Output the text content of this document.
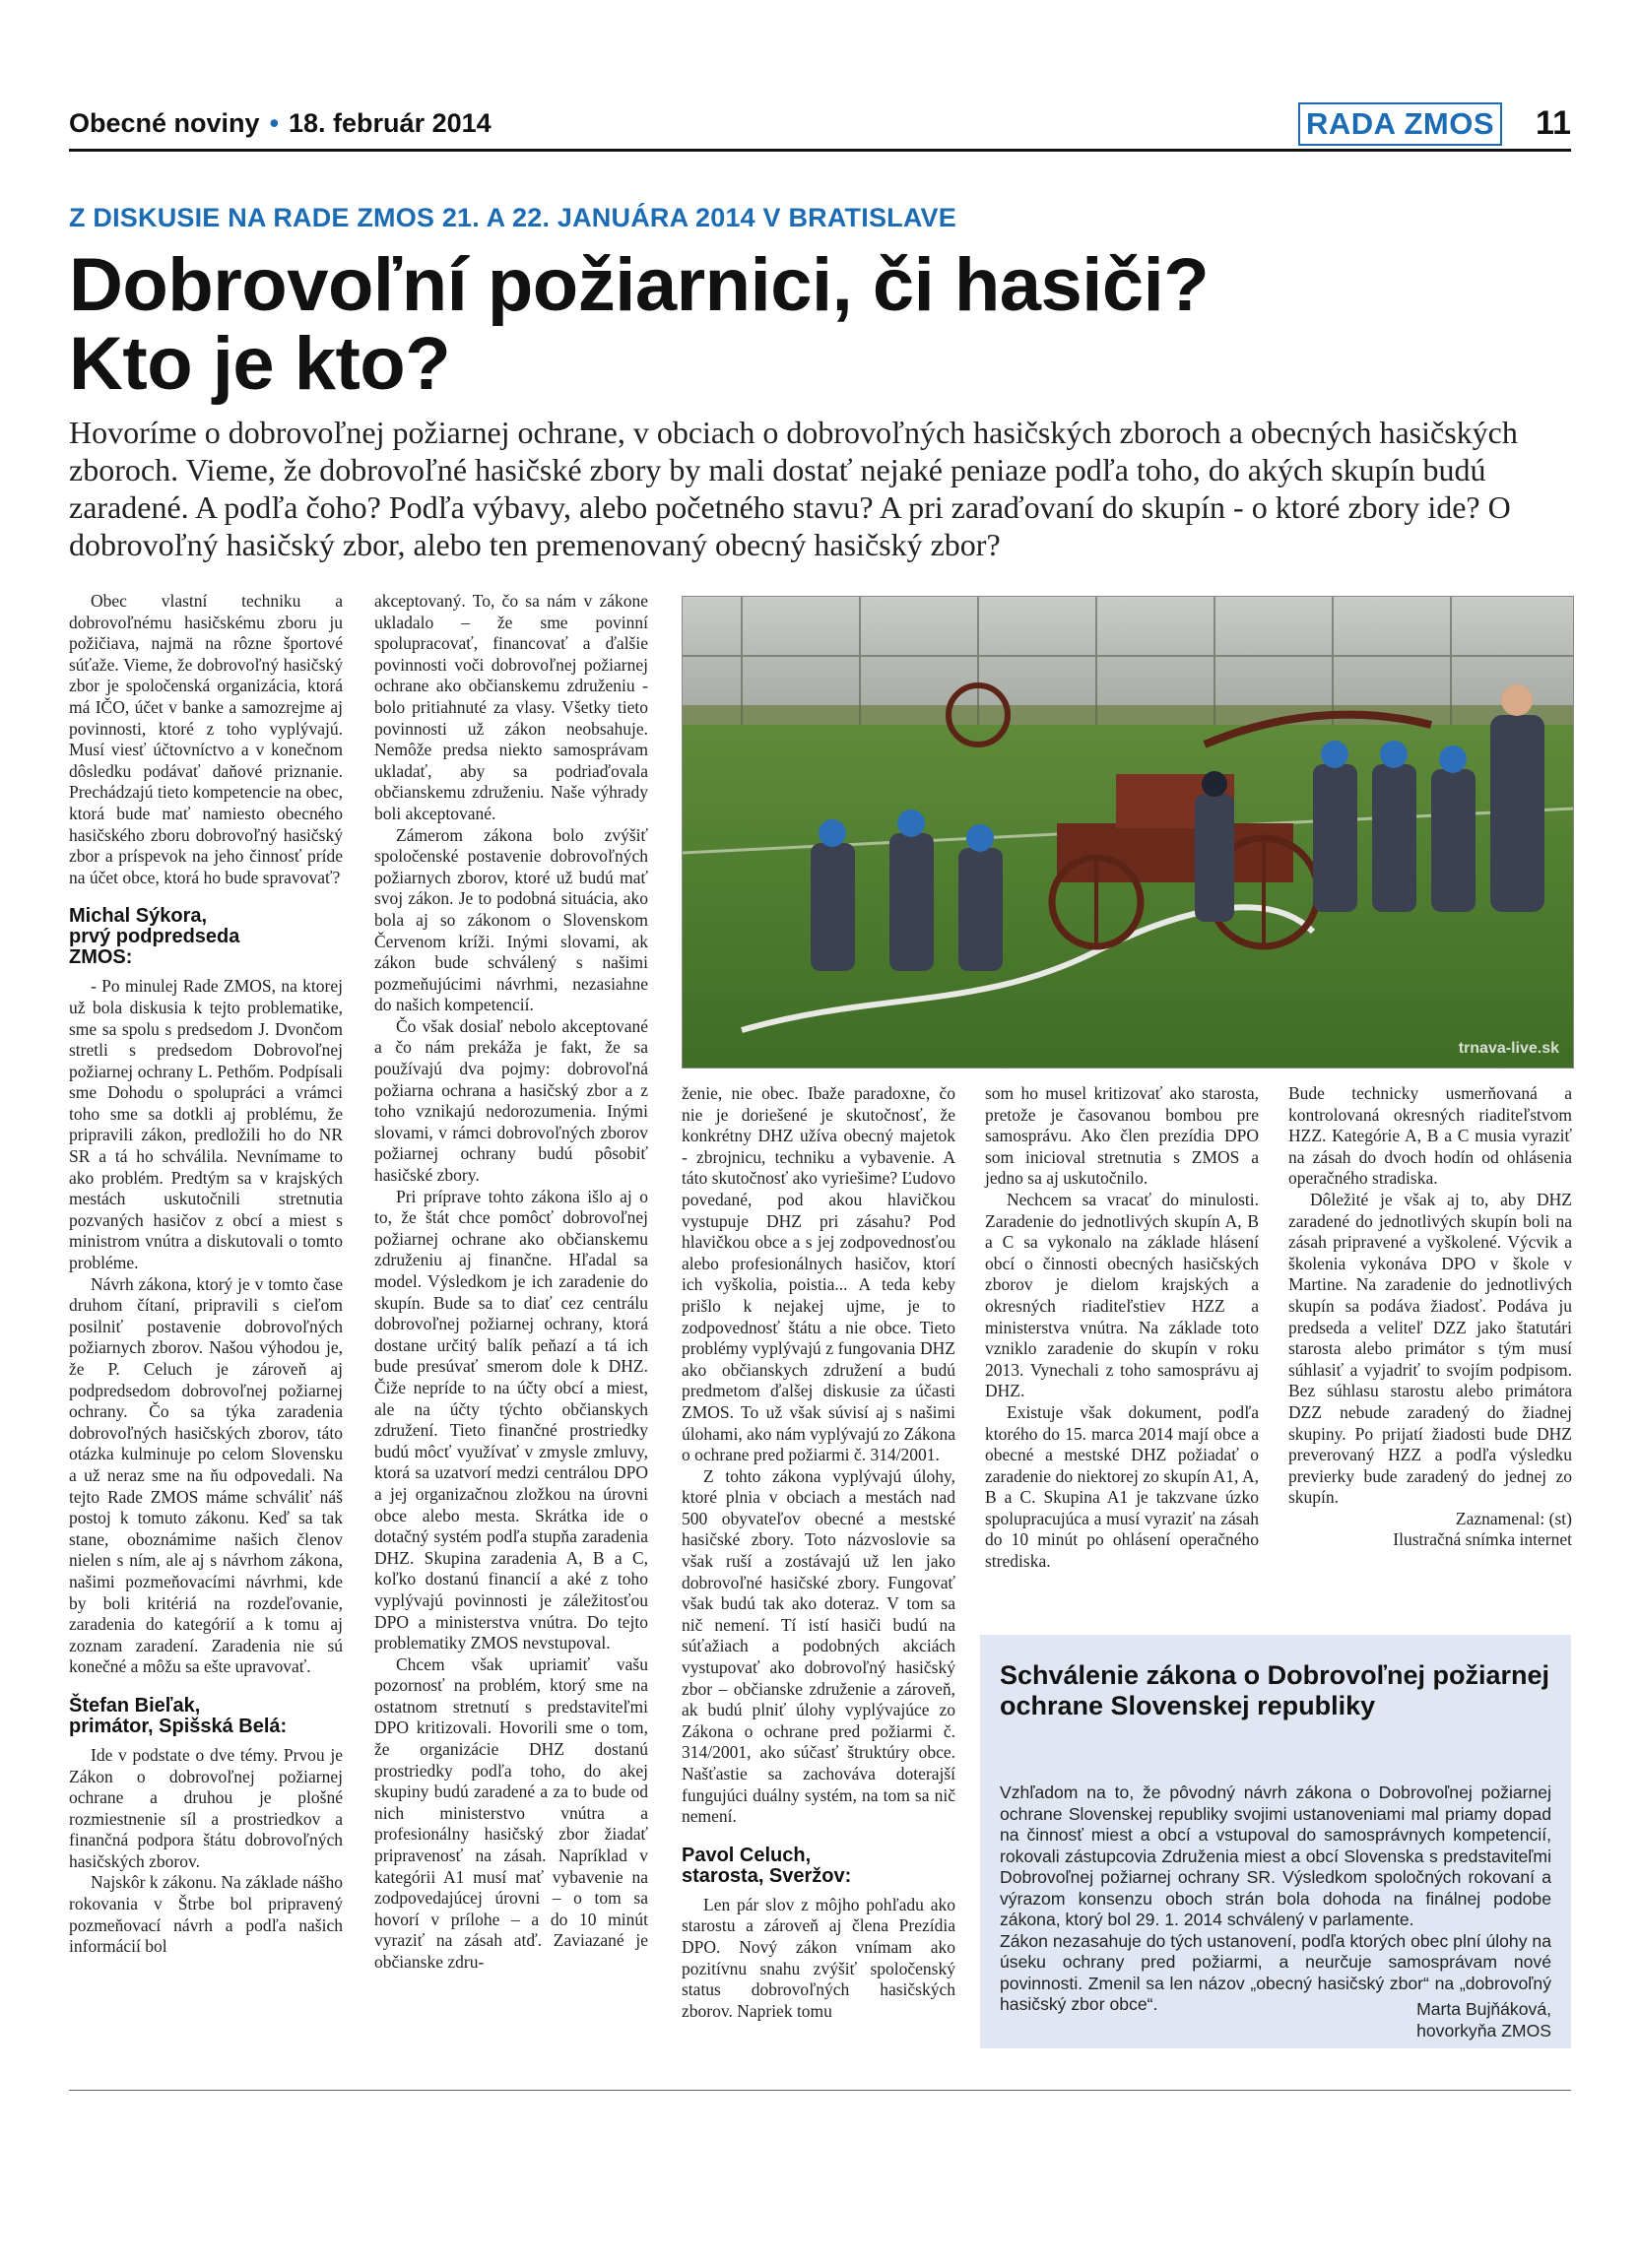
Obecné noviny • 18. február 2014	RADA ZMOS 11
Z DISKUSIE NA RADE ZMOS 21. A 22. JANUÁRA 2014 V BRATISLAVE
Dobrovoľní požiarnici, či hasiči?
Kto je kto?

Hovoríme o dobrovoľnej požiarnej ochrane, v obciach o dobrovoľných hasičských zboroch a obecných hasičských zboroch. Vieme, že dobrovoľné hasičské zbory by mali dostať nejaké peniaze podľa toho, do akých skupín budú zaradené. A podľa čoho? Podľa výbavy, alebo početného stavu? A pri zaraďovaní do skupín - o ktoré zbory ide? O dobrovoľný hasičský zbor, alebo ten premenovaný obecný hasičský zbor?

Obec vlastní techniku a dobrovoľnému hasičskému zboru ju požičiava, najmä na rôzne športové súťaže. Vieme, že dobrovoľný hasičský zbor je spoločenská organizácia, ktorá má IČO, účet v banke a samozrejme aj povinnosti, ktoré z toho vyplývajú. Musí viesť účtovníctvo a v konečnom dôsledku podávať daňové priznanie. Prechádzajú tieto kompetencie na obec, ktorá bude mať namiesto obecného hasičského zboru dobrovoľný hasičský zbor a príspevok na jeho činnosť príde na účet obce, ktorá ho bude spravovať?

Michal Sýkora,
prvý podpredseda
ZMOS:

- Po minulej Rade ZMOS, na ktorej už bola diskusia k tejto problematike, sme sa spolu s predsedom J. Dvončom stretli s predsedom Dobrovoľnej požiarnej ochrany L. Pethőm. Podpísali sme Dohodu o spolupráci a vrámci toho sme sa dotkli aj problému, že pripravili zákon, predložili ho do NR SR a tá ho schválila. Nevnímame to ako problém. Predtým sa v krajských mestách uskutočnili stretnutia pozvaných hasičov z obcí a miest s ministrom vnútra a diskutovali o tomto probléme.

Návrh zákona, ktorý je v tomto čase druhom čítaní, pripravili s cieľom posilniť postavenie dobrovoľných požiarnych zborov. Našou výhodou je, že P. Celuch je zároveň aj podpredsedom dobrovoľnej požiarnej ochrany. Čo sa týka zaradenia dobrovoľných hasičských zborov, táto otázka kulminuje po celom Slovensku a už neraz sme na ňu odpovedali. Na tejto Rade ZMOS máme schváliť náš postoj k tomuto zákonu. Keď sa tak stane, oboznámime našich členov nielen s ním, ale aj s návrhom zákona, našimi pozmeňovacími návrhmi, kde by boli kritériá na rozdeľovanie, zaradenia do kategórií a k tomu aj zoznam zaradení. Zaradenia nie sú konečné a môžu sa ešte upravovať.

Štefan Bieľak,
primátor, Spišská Belá:

Ide v podstate o dve témy. Prvou je Zákon o dobrovoľnej požiarnej ochrane a druhou je plošné rozmiestnenie síl a prostriedkov a finančná podpora štátu dobrovoľných hasičských zborov.

Najskôr k zákonu. Na základe nášho rokovania v Štrbe bol pripravený pozmeňovací návrh a podľa našich informácií bol

akceptovaný. To, čo sa nám v zákone ukladalo – že sme povinní spolupracovať, financovať a ďalšie povinnosti voči dobrovoľnej požiarnej ochrane ako občianskemu združeniu - bolo pritiahnuté za vlasy. Všetky tieto povinnosti už zákon neobsahuje. Nemôže predsa niekto samosprávam ukladať, aby sa podriaďovala občianskemu združeniu. Naše výhrady boli akceptované.

Zámerom zákona bolo zvýšiť spoločenské postavenie dobrovoľných požiarnych zborov, ktoré už budú mať svoj zákon. Je to podobná situácia, ako bola aj so zákonom o Slovenskom Červenom kríži. Inými slovami, ak zákon bude schválený s našimi pozmeňujúcimi návrhmi, nezasiahne do našich kompetencií.

Čo však dosiaľ nebolo akceptované a čo nám prekáža je fakt, že sa používajú dva pojmy: dobrovoľná požiarna ochrana a hasičský zbor a z toho vznikajú nedorozumenia. Inými slovami, v rámci dobrovoľných zborov požiarnej ochrany budú pôsobiť hasičské zbory.

Pri príprave tohto zákona išlo aj o to, že štát chce pomôcť dobrovoľnej požiarnej ochrane ako občianskemu združeniu aj finančne. Hľadal sa model. Výsledkom je ich zaradenie do skupín. Bude sa to diať cez centrálu dobrovoľnej požiarnej ochrany, ktorá dostane určitý balík peňazí a tá ich bude presúvať smerom dole k DHZ. Čiže nepríde to na účty obcí a miest, ale na účty týchto občianskych združení. Tieto finančné prostriedky budú môcť využívať v zmysle zmluvy, ktorá sa uzatvorí medzi centrálou DPO a jej organizačnou zložkou na úrovni obce alebo mesta. Skrátka ide o dotačný systém podľa stupňa zaradenia DHZ. Skupina zaradenia A, B a C, koľko dostanú financií a aké z toho vyplývajú povinnosti je záležitosťou DPO a ministerstva vnútra. Do tejto problematiky ZMOS nevstupoval.

Chcem však upriamiť vašu pozornosť na problém, ktorý sme na ostatnom stretnutí s predstaviteľmi DPO kritizovali. Hovorili sme o tom, že organizácie DHZ dostanú prostriedky podľa toho, do akej skupiny budú zaradené a za to bude od nich ministerstvo vnútra a profesionálny hasičský zbor žiadať pripravenosť na zásah. Napríklad v kategórii A1 musí mať vybavenie na zodpovedajúcej úrovni – o tom sa hovorí v prílohe – a do 10 minút vyraziť na zásah atď. Zaviazané je občianske zdru-

trnava-live.sk

ženie, nie obec. Ibaže paradoxne, čo nie je doriešené je skutočnosť, že konkrétny DHZ užíva obecný majetok - zbrojnicu, techniku a vybavenie. A táto skutočnosť ako vyriešime? Ľudovo povedané, pod akou hlavičkou vystupuje DHZ pri zásahu? Pod hlavičkou obce a s jej zodpovednosťou alebo profesionálnych hasičov, ktorí ich vyškolia, poistia... A teda keby prišlo k nejakej ujme, je to zodpovednosť štátu a nie obce. Tieto problémy vyplývajú z fungovania DHZ ako občianskych združení a budú predmetom ďalšej diskusie za účasti ZMOS. To už však súvisí aj s našimi úlohami, ako nám vyplývajú zo Zákona o ochrane pred požiarmi č. 314/2001.

Z tohto zákona vyplývajú úlohy, ktoré plnia v obciach a mestách nad 500 obyvateľov obecné a mestské hasičské zbory. Toto názvoslovie sa však ruší a zostávajú už len jako dobrovoľné hasičské zbory. Fungovať však budú tak ako doteraz. V tom sa nič nemení. Tí istí hasiči budú na súťažiach a podobných akciách vystupovať ako dobrovoľný hasičský zbor – občianske združenie a zároveň, ak budú plniť úlohy vyplývajúce zo Zákona o ochrane pred požiarmi č. 314/2001, ako súčasť štruktúry obce. Našťastie sa zachováva doterajší fungujúci duálny systém, na tom sa nič nemení.

Pavol Celuch,
starosta, Sveržov:

Len pár slov z môjho pohľadu ako starostu a zároveň aj člena Prezídia DPO. Nový zákon vnímam ako pozitívnu snahu zvýšiť spoločenský status dobrovoľných hasičských zborov. Napriek tomu

som ho musel kritizovať ako starosta, pretože je časovanou bombou pre samosprávu. Ako člen prezídia DPO som inicioval stretnutia s ZMOS a jedno sa aj uskutočnilo.

Nechcem sa vracať do minulosti. Zaradenie do jednotlivých skupín A, B a C sa vykonalo na základe hlásení obcí o činnosti obecných hasičských zborov je dielom krajských a okresných riaditeľstiev HZZ a ministerstva vnútra. Na základe toto vzniklo zaradenie do skupín v roku 2013. Vynechali z toho samosprávu aj DHZ.

Existuje však dokument, podľa ktorého do 15. marca 2014 mají obce a obecné a mestské DHZ požiadať o zaradenie do niektorej zo skupín A1, A, B a C. Skupina A1 je takzvane úzko spolupracujúca a musí vyraziť na zásah do 10 minút po ohlásení operačného strediska.

Bude technicky usmerňovaná a kontrolovaná okresných riaditeľstvom HZZ. Kategórie A, B a C musia vyraziť na zásah do dvoch hodín od ohlásenia operačného stradiska.

Dôležité je však aj to, aby DHZ zaradené do jednotlivých skupín boli na zásah pripravené a vyškolené. Výcvik a školenia vykonáva DPO v škole v Martine. Na zaradenie do jednotlivých skupín sa podáva žiadosť. Podáva ju predseda a veliteľ DZZ jako štatutári starosta alebo primátor s tým musí súhlasiť a vyjadriť to svojím podpisom. Bez súhlasu starostu alebo primátora DZZ nebude zaradený do žiadnej skupiny. Po prijatí žiadosti bude DHZ preverovaný HZZ a podľa výsledku previerky bude zaradený do jednej zo skupín.

Zaznamenal: (st)

Ilustračná snímka internet

Schválenie zákona o Dobrovoľnej požiarnej ochrane Slovenskej republiky

Vzhľadom na to, že pôvodný návrh zákona o Dobrovoľnej požiarnej ochrane Slovenskej republiky svojimi ustanoveniami mal priamy dopad na činnosť miest a obcí a vstupoval do samosprávnych kompetencií, rokovali zástupcovia Združenia miest a obcí Slovenska s predstaviteľmi Dobrovoľnej požiarnej ochrany SR. Výsledkom spoločných rokovaní a výrazom konsenzu oboch strán bola dohoda na finálnej podobe zákona, ktorý bol 29. 1. 2014 schválený v parlamente.

Zákon nezasahuje do tých ustanovení, podľa ktorých obec plní úlohy na úseku ochrany pred požiarmi, a neurčuje samosprávam nové povinnosti. Zmenil sa len názov „obecný hasičský zbor“ na „dobrovoľný hasičský zbor obce“.	Marta Bujňáková,
hovorkyňa ZMOS
